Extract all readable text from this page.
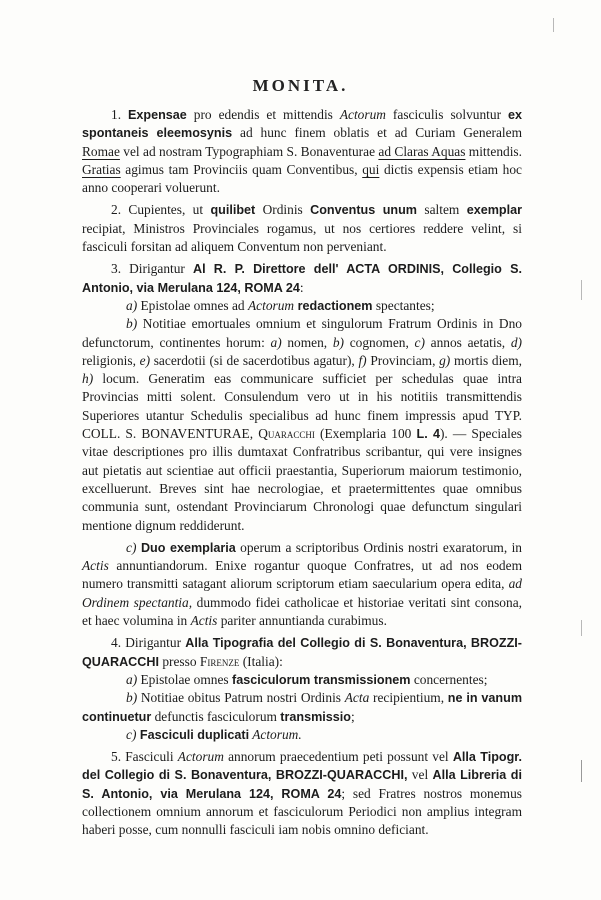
MONITA.

1. Expensae pro edendis et mittendis Actorum fasciculis solvuntur ex spontaneis eleemosynis ad hunc finem oblatis et ad Curiam Generalem Romae vel ad nostram Typographiam S. Bonaventurae ad Claras Aquas mittendis. Gratias agimus tam Provinciis quam Conventibus, qui dictis expensis etiam hoc anno cooperari voluerunt.

2. Cupientes, ut quilibet Ordinis Conventus unum saltem exemplar recipiat, Ministros Provinciales rogamus, ut nos certiores reddere velint, si fasciculi forsitan ad aliquem Conventum non perveniant.

3. Dirigantur Al R. P. Direttore dell' ACTA ORDINIS, Collegio S. Antonio, via Merulana 124, ROMA 24:

a) Epistolae omnes ad Actorum redactionem spectantes;

b) Notitiae emortuales omnium et singulorum Fratrum Ordinis in Dno defunctorum, continentes horum: a) nomen, b) cognomen, c) annos aetatis, d) religionis, e) sacerdotii (si de sacerdotibus agatur), f) Provinciam, g) mortis diem, h) locum. Generatim eas communicare sufficiet per schedulas quae intra Provincias mitti solent. Consulendum vero ut in his notitiis transmittendis Superiores utantur Schedulis specialibus ad hunc finem impressis apud TYP. COLL. S. BONAVENTURAE, Quaracchi (Exemplaria 100 L. 4). — Speciales vitae descriptiones pro illis dumtaxat Confratribus scribantur, qui vere insignes aut pietatis aut scientiae aut officii praestantia, Superiorum maiorum testimonio, excelluerunt. Breves sint hae necrologiae, et praetermittentes quae omnibus communia sunt, ostendant Provinciarum Chronologi quae defunctum singulari mentione dignum reddiderunt.

c) Duo exemplaria operum a scriptoribus Ordinis nostri exaratorum, in Actis annuntiandorum. Enixe rogantur quoque Confratres, ut ad nos eodem numero transmitti satagant aliorum scriptorum etiam saecularium opera edita, ad Ordinem spectantia, dummodo fidei catholicae et historiae veritati sint consona, et haec volumina in Actis pariter annuntianda curabimus.

4. Dirigantur Alla Tipografia del Collegio di S. Bonaventura, BROZZI-QUARACCHI presso Firenze (Italia):

a) Epistolae omnes fasciculorum transmissionem concernentes;

b) Notitiae obitus Patrum nostri Ordinis Acta recipientium, ne in vanum continuetur defunctis fasciculorum transmissio;

c) Fasciculi duplicati Actorum.

5. Fasciculi Actorum annorum praecedentium peti possunt vel Alla Tipogr. del Collegio di S. Bonaventura, BROZZI-QUARACCHI, vel Alla Libreria di S. Antonio, via Merulana 124, ROMA 24; sed Fratres nostros monemus collectionem omnium annorum et fasciculorum Periodici non amplius integram haberi posse, cum nonnulli fasciculi iam nobis omnino deficiant.
